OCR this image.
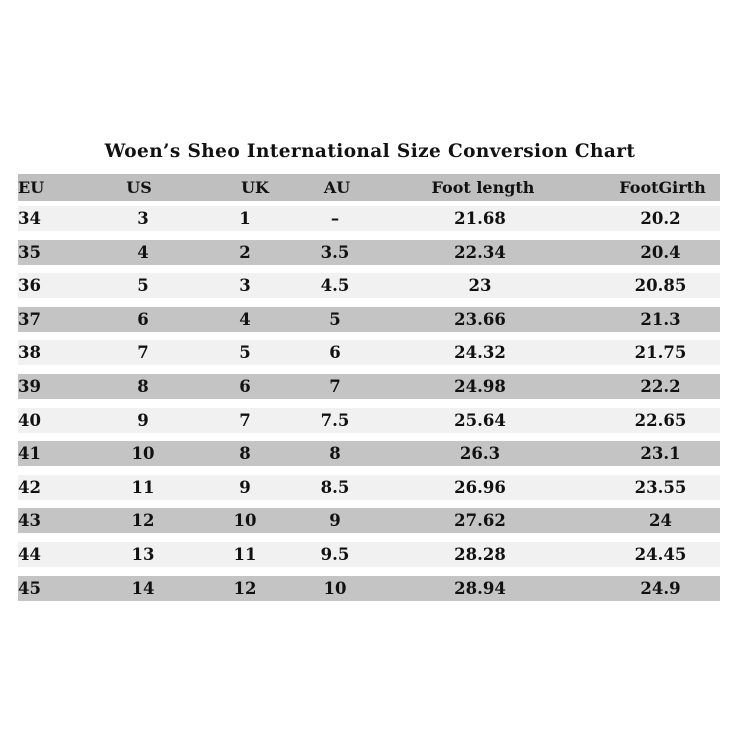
Woen’s Sheo International Size Conversion Chart
EU	US	UK	AU	Foot length	FootGirth
34	3	1	–	21.68	20.2
35	4	2	3.5	22.34	20.4
36	5	3	4.5	23	20.85
37	6	4	5	23.66	21.3
38	7	5	6	24.32	21.75
39	8	6	7	24.98	22.2
40	9	7	7.5	25.64	22.65
41	10	8	8	26.3	23.1
42	11	9	8.5	26.96	23.55
43	12	10	9	27.62	24
44	13	11	9.5	28.28	24.45
45	14	12	10	28.94	24.9
